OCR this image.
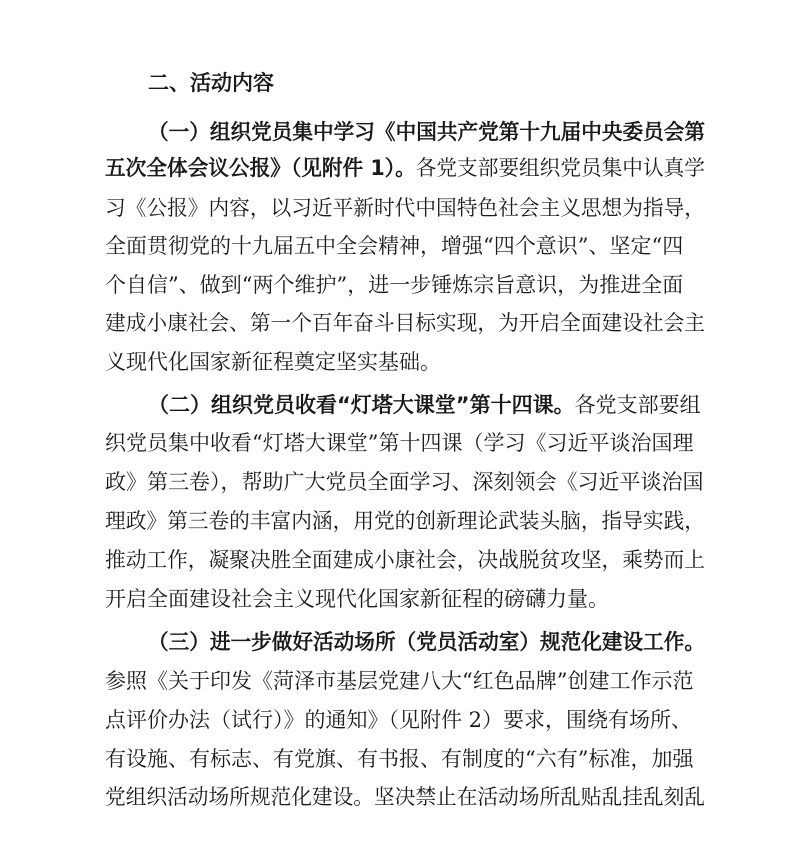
二、活动内容
（一）组织党员集中学习《中国共产党第十九届中央委员会第
五次全体会议公报》（见附件 1）。各党支部要组织党员集中认真学
习《公报》内容，以习近平新时代中国特色社会主义思想为指导，
全面贯彻党的十九届五中全会精神，增强“四个意识”、坚定“四
个自信”、做到“两个维护”，进一步锤炼宗旨意识，为推进全面
建成小康社会、第一个百年奋斗目标实现，为开启全面建设社会主
义现代化国家新征程奠定坚实基础。
（二）组织党员收看“灯塔大课堂”第十四课。各党支部要组
织党员集中收看“灯塔大课堂”第十四课（学习《习近平谈治国理
政》第三卷），帮助广大党员全面学习、深刻领会《习近平谈治国
理政》第三卷的丰富内涵，用党的创新理论武装头脑，指导实践，
推动工作，凝聚决胜全面建成小康社会，决战脱贫攻坚，乘势而上
开启全面建设社会主义现代化国家新征程的磅礴力量。
（三）进一步做好活动场所（党员活动室）规范化建设工作。
参照《关于印发《菏泽市基层党建八大“红色品牌”创建工作示范
点评价办法（试行）》的通知》（见附件 2）要求，围绕有场所、
有设施、有标志、有党旗、有书报、有制度的“六有”标准，加强
党组织活动场所规范化建设。坚决禁止在活动场所乱贴乱挂乱刻乱
